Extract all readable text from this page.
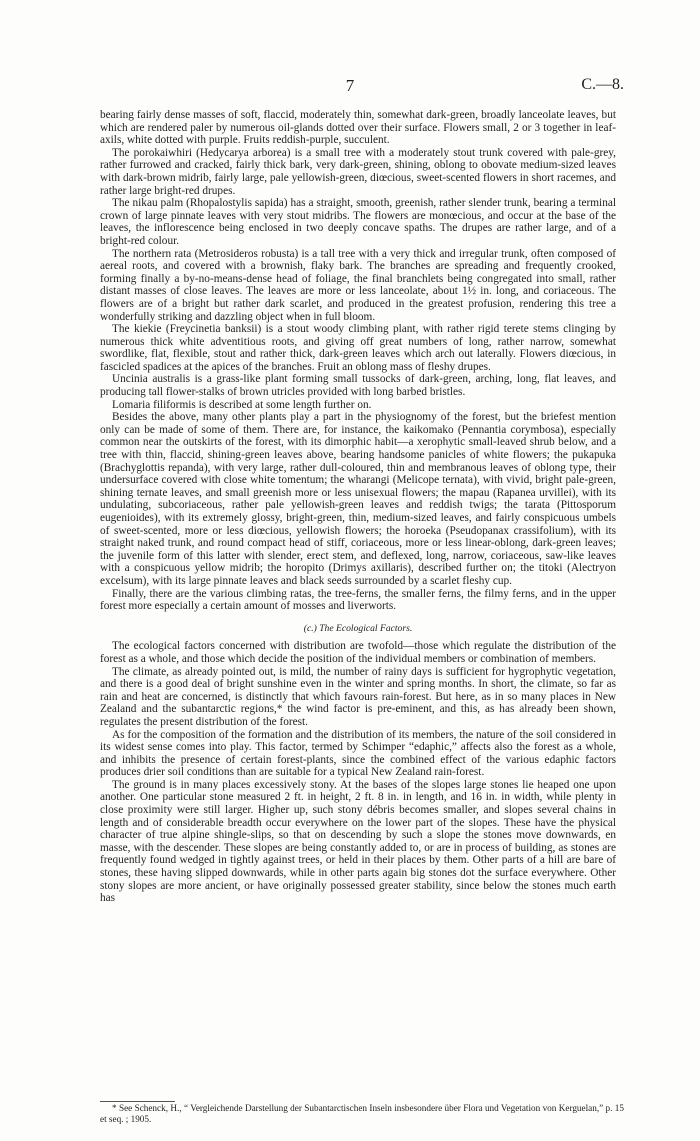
7	C.—8.

bearing fairly dense masses of soft, flaccid, moderately thin, somewhat dark-green, broadly lanceolate leaves, but which are rendered paler by numerous oil-glands dotted over their surface. Flowers small, 2 or 3 together in leaf-axils, white dotted with purple. Fruits reddish-purple, succulent.

The porokaiwhiri (Hedycarya arborea) is a small tree with a moderately stout trunk covered with pale-grey, rather furrowed and cracked, fairly thick bark, very dark-green, shining, oblong to obovate medium-sized leaves with dark-brown midrib, fairly large, pale yellowish-green, diœcious, sweet-scented flowers in short racemes, and rather large bright-red drupes.

The nikau palm (Rhopalostylis sapida) has a straight, smooth, greenish, rather slender trunk, bearing a terminal crown of large pinnate leaves with very stout midribs. The flowers are monœcious, and occur at the base of the leaves, the inflorescence being enclosed in two deeply concave spaths. The drupes are rather large, and of a bright-red colour.

The northern rata (Metrosideros robusta) is a tall tree with a very thick and irregular trunk, often composed of aereal roots, and covered with a brownish, flaky bark. The branches are spreading and frequently crooked, forming finally a by-no-means-dense head of foliage, the final branchlets being congregated into small, rather distant masses of close leaves. The leaves are more or less lanceolate, about 1½ in. long, and coriaceous. The flowers are of a bright but rather dark scarlet, and produced in the greatest profusion, rendering this tree a wonderfully striking and dazzling object when in full bloom.

The kiekie (Freycinetia banksii) is a stout woody climbing plant, with rather rigid terete stems clinging by numerous thick white adventitious roots, and giving off great numbers of long, rather narrow, somewhat swordlike, flat, flexible, stout and rather thick, dark-green leaves which arch out laterally. Flowers diœcious, in fascicled spadices at the apices of the branches. Fruit an oblong mass of fleshy drupes.

Uncinia australis is a grass-like plant forming small tussocks of dark-green, arching, long, flat leaves, and producing tall flower-stalks of brown utricles provided with long barbed bristles.

Lomaria filiformis is described at some length further on.

Besides the above, many other plants play a part in the physiognomy of the forest, but the briefest mention only can be made of some of them. There are, for instance, the kaikomako (Pennantia corymbosa), especially common near the outskirts of the forest, with its dimorphic habit—a xerophytic small-leaved shrub below, and a tree with thin, flaccid, shining-green leaves above, bearing handsome panicles of white flowers; the pukapuka (Brachyglottis repanda), with very large, rather dull-coloured, thin and membranous leaves of oblong type, their undersurface covered with close white tomentum; the wharangi (Melicope ternata), with vivid, bright pale-green, shining ternate leaves, and small greenish more or less unisexual flowers; the mapau (Rapanea urvillei), with its undulating, subcoriaceous, rather pale yellowish-green leaves and reddish twigs; the tarata (Pittosporum eugenioides), with its extremely glossy, bright-green, thin, medium-sized leaves, and fairly conspicuous umbels of sweet-scented, more or less diœcious, yellowish flowers; the horoeka (Pseudopanax crassifolium), with its straight naked trunk, and round compact head of stiff, coriaceous, more or less linear-oblong, dark-green leaves; the juvenile form of this latter with slender, erect stem, and deflexed, long, narrow, coriaceous, saw-like leaves with a conspicuous yellow midrib; the horopito (Drimys axillaris), described further on; the titoki (Alectryon excelsum), with its large pinnate leaves and black seeds surrounded by a scarlet fleshy cup.

Finally, there are the various climbing ratas, the tree-ferns, the smaller ferns, the filmy ferns, and in the upper forest more especially a certain amount of mosses and liverworts.

(c.) The Ecological Factors.

The ecological factors concerned with distribution are twofold—those which regulate the distribution of the forest as a whole, and those which decide the position of the individual members or combination of members.

The climate, as already pointed out, is mild, the number of rainy days is sufficient for hygrophytic vegetation, and there is a good deal of bright sunshine even in the winter and spring months. In short, the climate, so far as rain and heat are concerned, is distinctly that which favours rain-forest. But here, as in so many places in New Zealand and the subantarctic regions,* the wind factor is pre-eminent, and this, as has already been shown, regulates the present distribution of the forest.

As for the composition of the formation and the distribution of its members, the nature of the soil considered in its widest sense comes into play. This factor, termed by Schimper “edaphic,” affects also the forest as a whole, and inhibits the presence of certain forest-plants, since the combined effect of the various edaphic factors produces drier soil conditions than are suitable for a typical New Zealand rain-forest.

The ground is in many places excessively stony. At the bases of the slopes large stones lie heaped one upon another. One particular stone measured 2 ft. in height, 2 ft. 8 in. in length, and 16 in. in width, while plenty in close proximity were still larger. Higher up, such stony débris becomes smaller, and slopes several chains in length and of considerable breadth occur everywhere on the lower part of the slopes. These have the physical character of true alpine shingle-slips, so that on descending by such a slope the stones move downwards, en masse, with the descender. These slopes are being constantly added to, or are in process of building, as stones are frequently found wedged in tightly against trees, or held in their places by them. Other parts of a hill are bare of stones, these having slipped downwards, while in other parts again big stones dot the surface everywhere. Other stony slopes are more ancient, or have originally possessed greater stability, since below the stones much earth has

* See Schenck, H., “ Vergleichende Darstellung der Subantarctischen Inseln insbesondere über Flora und Vegetation von Kerguelan,” p. 15 et seq. ; 1905.
